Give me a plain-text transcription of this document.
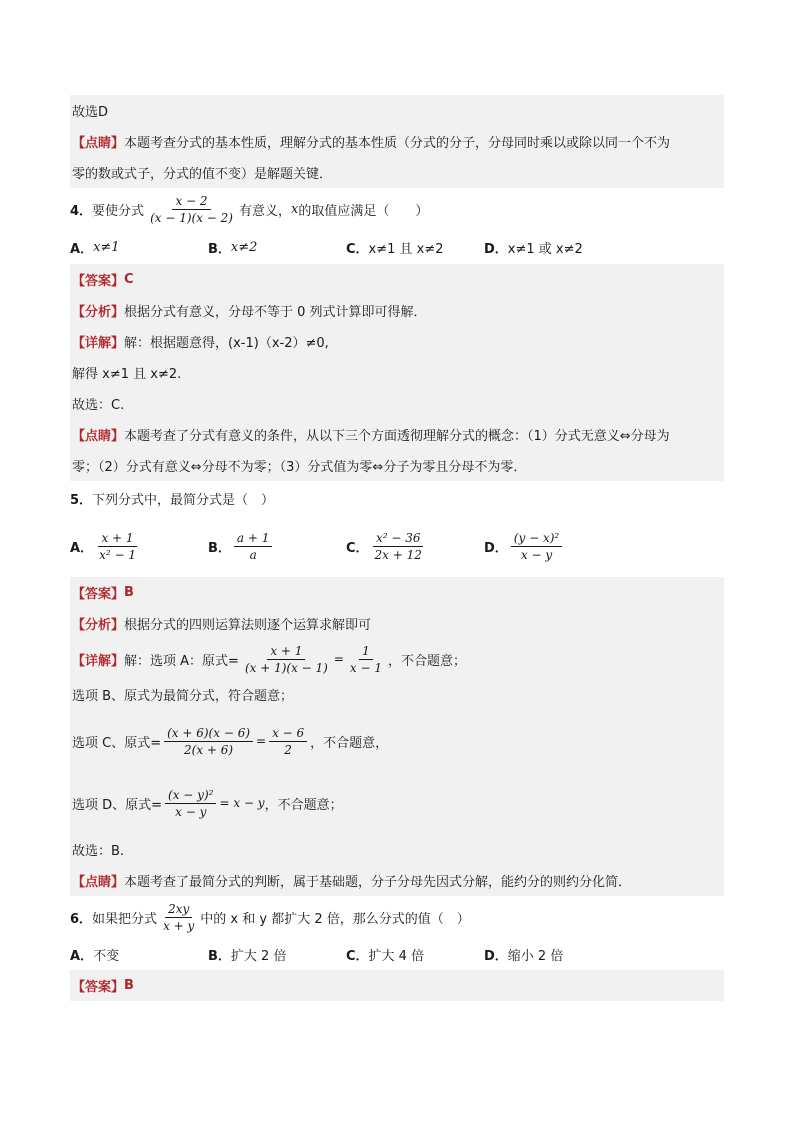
故选D
【点睛】 本题考查分式的基本性质，理解分式的基本性质（分式的分子，分母同时乘以或除以同一个不为
零的数或式子，分式的值不变）是解题关键．
4． 要使分式 $\frac{x - 2}{(x - 1)(x - 2)}$ 有意义， x 的取值应满足（　　）
A． x≠1	B． x≠2	C． x≠1 且 x≠2	D． x≠1 或 x≠2
【答案】 C
【分析】 根据分式有意义，分母不等于 0 列式计算即可得解．
【详解】 解：根据题意得，(x-1)（x-2）≠0,
解得 x≠1 且 x≠2.
故选：C.
【点睛】 本题考查了分式有意义的条件，从以下三个方面透彻理解分式的概念：（1）分式无意义⇔分母为
零；（2）分式有意义⇔分母不为零；（3）分式值为零⇔分子为零且分母不为零．
5． 下列分式中，最简分式是（　）
A． $\frac{x + 1}{\text{x² − 1}}$	B． $\frac{a + 1}{a}$	C． $\frac{\text{x² − 36}}{2x + 12}$	D． $\frac{\text{(y − x)²}}{x - y}$
【答案】 B
【分析】 根据分式的四则运算法则逐个运算求解即可
【详解】 解：选项 A：原式= $\frac{x + 1}{(x + 1)(x - 1)} = \frac{1}{x - 1}$ ，不合题意；
选项 B、原式为最简分式，符合题意；
选项 C、原式= $\frac{(x + 6)(x - 6)}{2(x + 6)} = \frac{x - 6}{2}$ ，不合题意，
选项 D、原式= $\frac{\text{(x − y)²}}{x - y} = x - y$ ，不合题意；
故选：B.
【点睛】 本题考查了最简分式的判断，属于基础题，分子分母先因式分解，能约分的则约分化简．
6． 如果把分式 $\frac{2xy}{x + y}$ 中的 x 和 y 都扩大 2 倍，那么分式的值（　）
A． 不变	B． 扩大 2 倍	C． 扩大 4 倍	D． 缩小 2 倍
【答案】 B
